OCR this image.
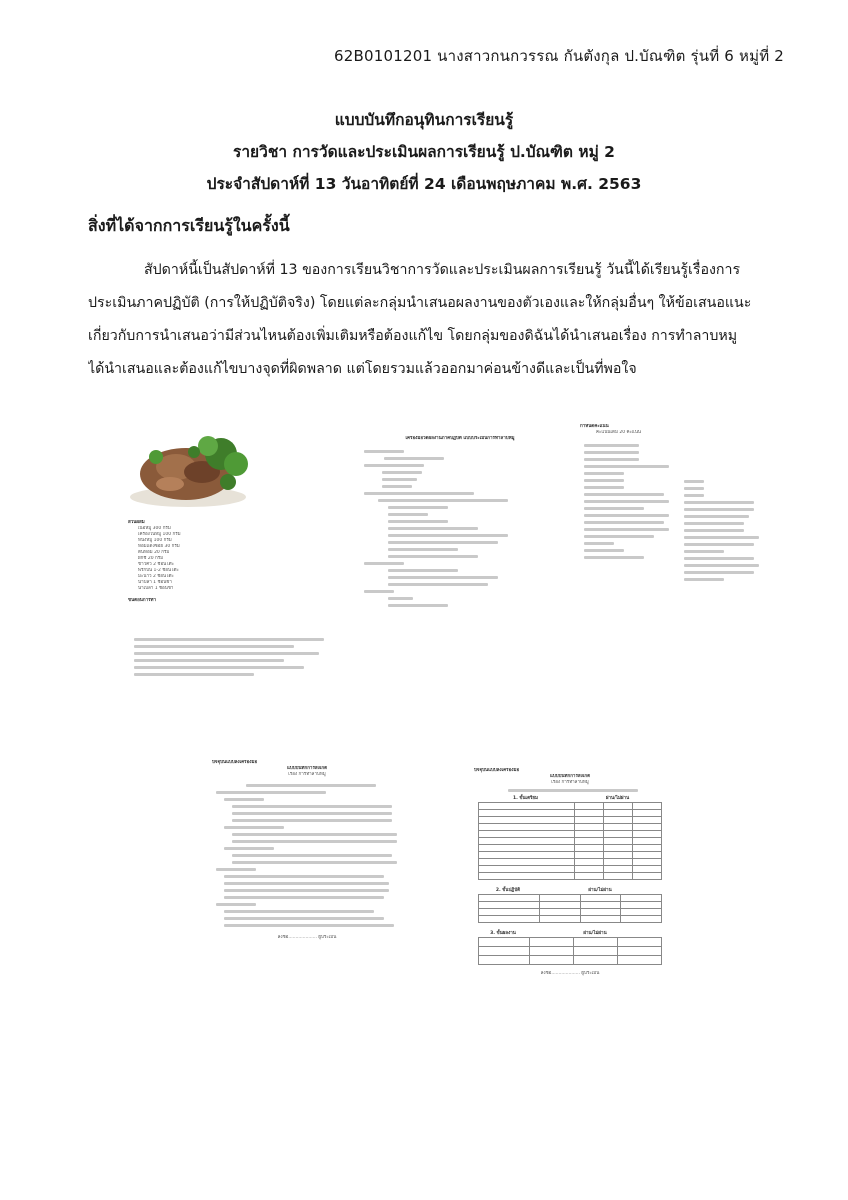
62B0101201 นางสาวกนกวรรณ กันตังกุล ป.บัณฑิต รุ่นที่ 6 หมู่ที่ 2
แบบบันทึกอนุทินการเรียนรู้
รายวิชา การวัดและประเมินผลการเรียนรู้ ป.บัณฑิต หมู่ 2
ประจำสัปดาห์ที่ 13 วันอาทิตย์ที่ 24 เดือนพฤษภาคม พ.ศ. 2563
สิ่งที่ได้จากการเรียนรู้ในครั้งนี้
สัปดาห์นี้เป็นสัปดาห์ที่ 13 ของการเรียนวิชาการวัดและประเมินผลการเรียนรู้ วันนี้ได้เรียนรู้เรื่องการ
ประเมินภาคปฏิบัติ (การให้ปฏิบัติจริง) โดยแต่ละกลุ่มนำเสนอผลงานของตัวเองและให้กลุ่มอื่นๆ ให้ข้อเสนอแนะ
เกี่ยวกับการนำเสนอว่ามีส่วนไหนต้องเพิ่มเติมหรือต้องแก้ไข โดยกลุ่มของดิฉันได้นำเสนอเรื่อง การทำลาบหมู
ได้นำเสนอและต้องแก้ไขบางจุดที่ผิดพลาด แต่โดยรวมแล้วออกมาค่อนข้างดีและเป็นที่พอใจ
ส่วนผสม
เนื้อหมู 300 กรัม
เครื่องในหมู 100 กรัม
หนังหมู 100 กรัม
หอมแดงซอย 30 กรัม
ต้นหอม 20 กรัม
ผักชี 20 กรัม
ข้าวคั่ว 2 ช้อนโต๊ะ
พริกป่น 1-2 ช้อนโต๊ะ
มะนาว 2 ช้อนโต๊ะ
น้ำปลา 1 ช้อนชา
น้ำเปล่า 1 ช้อนชา
ขั้นตอนการทำ
เครื่องมือวัดผลงานภาคปฏิบัติ แบบประเมินการทำลาบหมู
กำหนดคะแนน
คะแนนเต็ม 20 คะแนน
ปัจจุบันแบบลงเครื่องมือ
แบบบันทึกการสังเกต
เรื่อง การทำลาบหมู
ลงชื่อ.................... ผู้ประเมิน
ปัจจุบันแบบลงเครื่องมือ
แบบบันทึกการสังเกต
เรื่อง การทำลาบหมู
1. ขั้นเตรียม	ผ่าน/ไม่ผ่าน

2. ขั้นปฏิบัติ	ผ่าน/ไม่ผ่าน

3. ขั้นผลงาน	ผ่าน/ไม่ผ่าน

ลงชื่อ.................... ผู้ประเมิน
